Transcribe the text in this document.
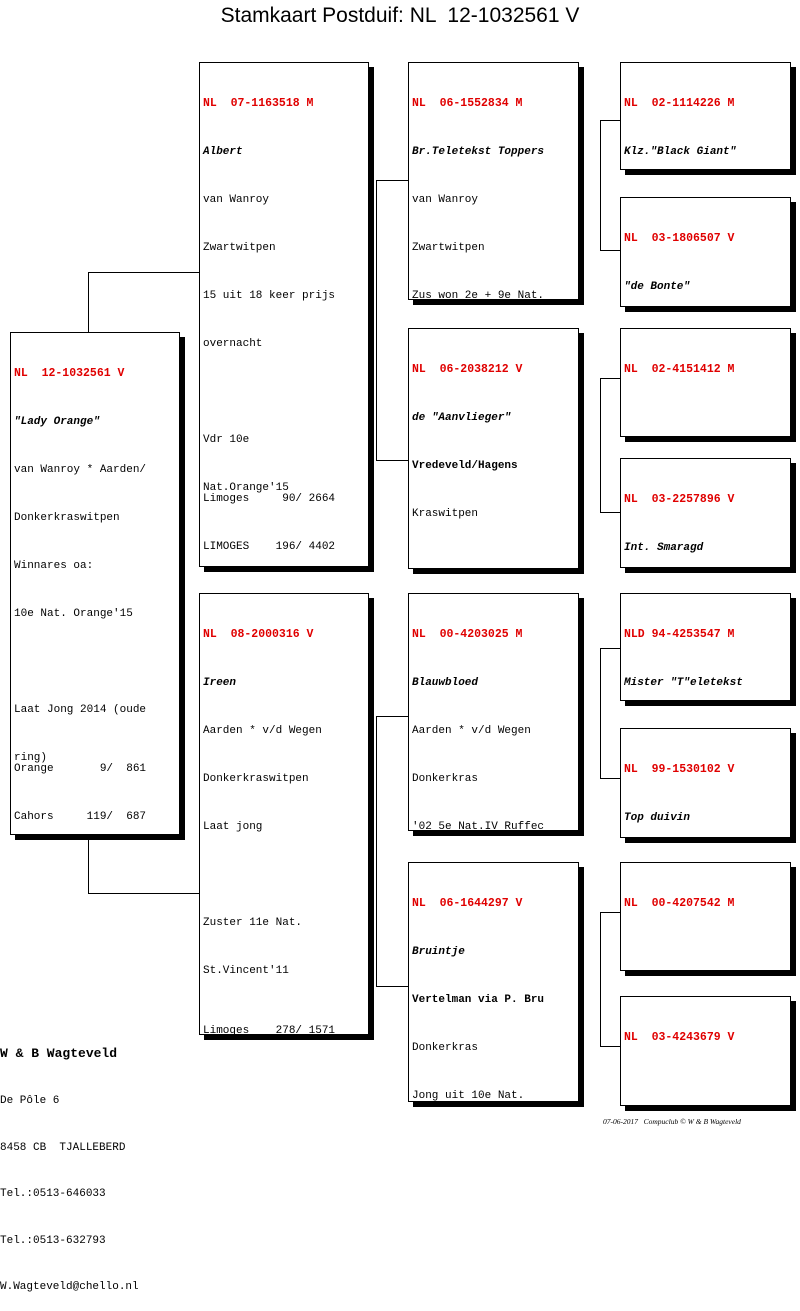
Stamkaart Postduif: NL  12-1032561 V

NL  12-1032561 V

"Lady Orange"

van Wanroy * Aarden/

Donkerkraswitpen

Winnares oa:

10e Nat. Orange'15

Laat Jong 2014 (oude

ring)

Orange       9/  861

Cahors     119/  687

NL  07-1163518 M

Albert

van Wanroy

Zwartwitpen

15 uit 18 keer prijs

overnacht

Vdr 10e

Nat.Orange'15

Limoges     90/ 2664

LIMOGES    196/ 4402

NL  08-2000316 V

Ireen

Aarden * v/d Wegen

Donkerkraswitpen

Laat jong

Zuster 11e Nat.

St.Vincent'11

Limoges    278/ 1571

NL  06-1552834 M

Br.Teletekst Toppers

van Wanroy

Zwartwitpen

Zus won 2e + 9e Nat.

NL  06-2038212 V

de "Aanvlieger"

Vredeveld/Hagens

Kraswitpen

NL  00-4203025 M

Blauwbloed

Aarden * v/d Wegen

Donkerkras

'02 5e Nat.IV Ruffec

NL  06-1644297 V

Bruintje

Vertelman via P. Bru

Donkerkras

Jong uit 10e Nat.

NL  02-1114226 M

Klz."Black Giant"

NL  03-1806507 V

"de Bonte"

NL  02-4151412 M

NL  03-2257896 V

Int. Smaragd

NLD 94-4253547 M

Mister "T"eletekst

NL  99-1530102 V

Top duivin

NL  00-4207542 M

NL  03-4243679 V

W & B Wagteveld

De Pôle 6

8458 CB  TJALLEBERD

Tel.:0513-646033

Tel.:0513-632793

W.Wagteveld@chello.nl

07-06-2017   Compuclub © W & B Wagteveld
